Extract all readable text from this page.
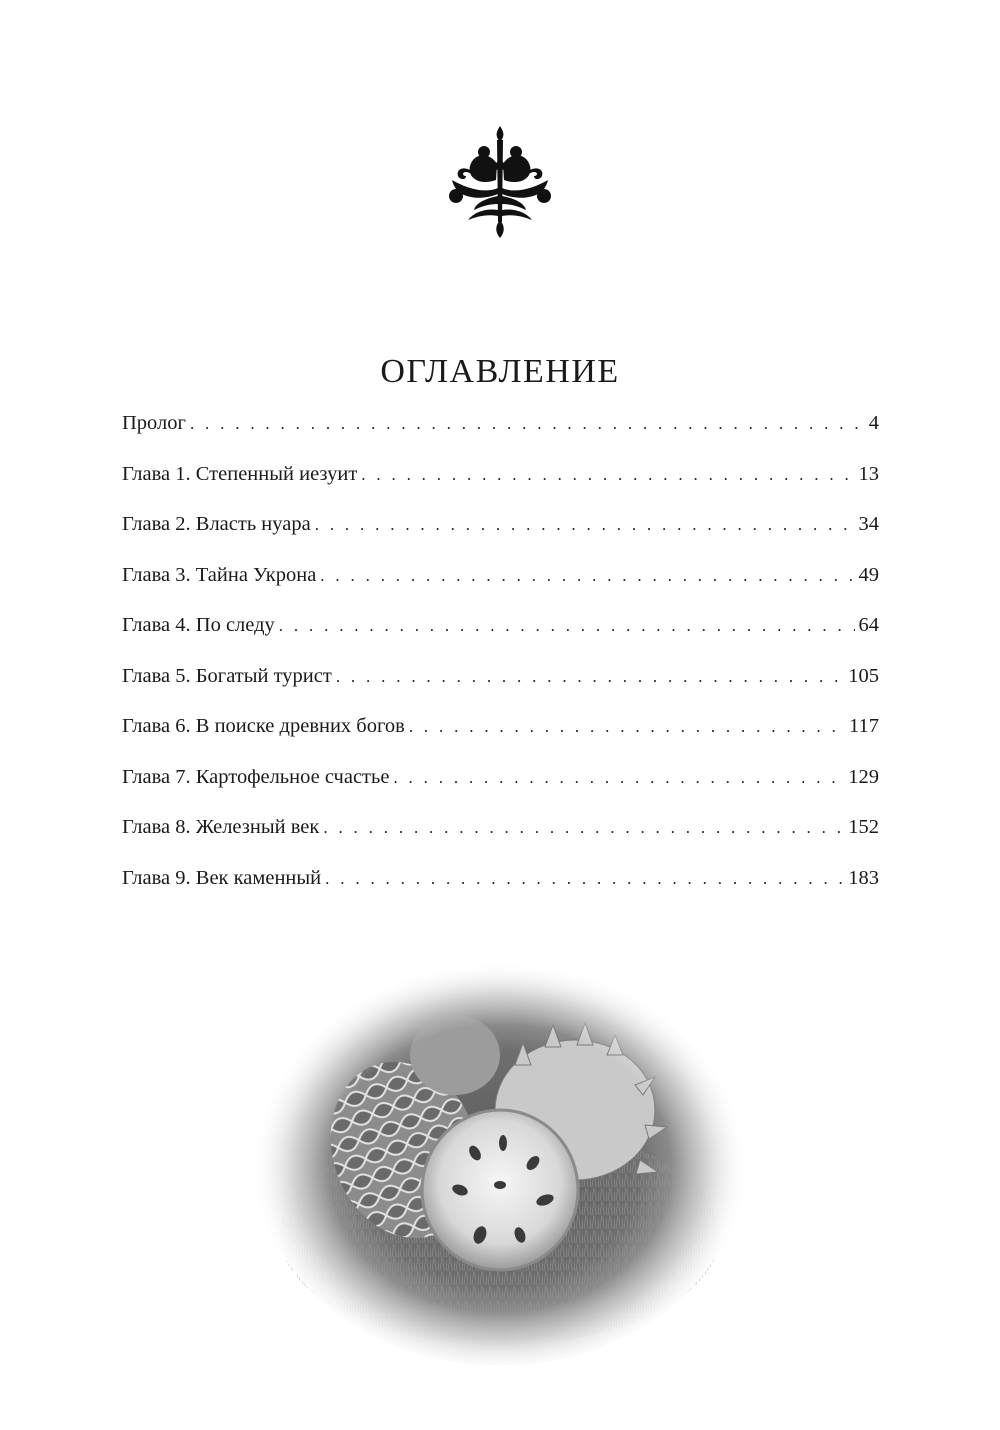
ОГЛАВЛЕНИЕ
Пролог . . .	4
Глава 1. Степенный иезуит . . .	13
Глава 2. Власть нуара . . .	34
Глава 3. Тайна Укрона . . .	49
Глава 4. По следу . . .	64
Глава 5. Богатый турист . . .	105
Глава 6. В поиске древних богов . . .	117
Глава 7. Картофельное счастье . . .	129
Глава 8. Железный век . . .	152
Глава 9. Век каменный . . .	183
